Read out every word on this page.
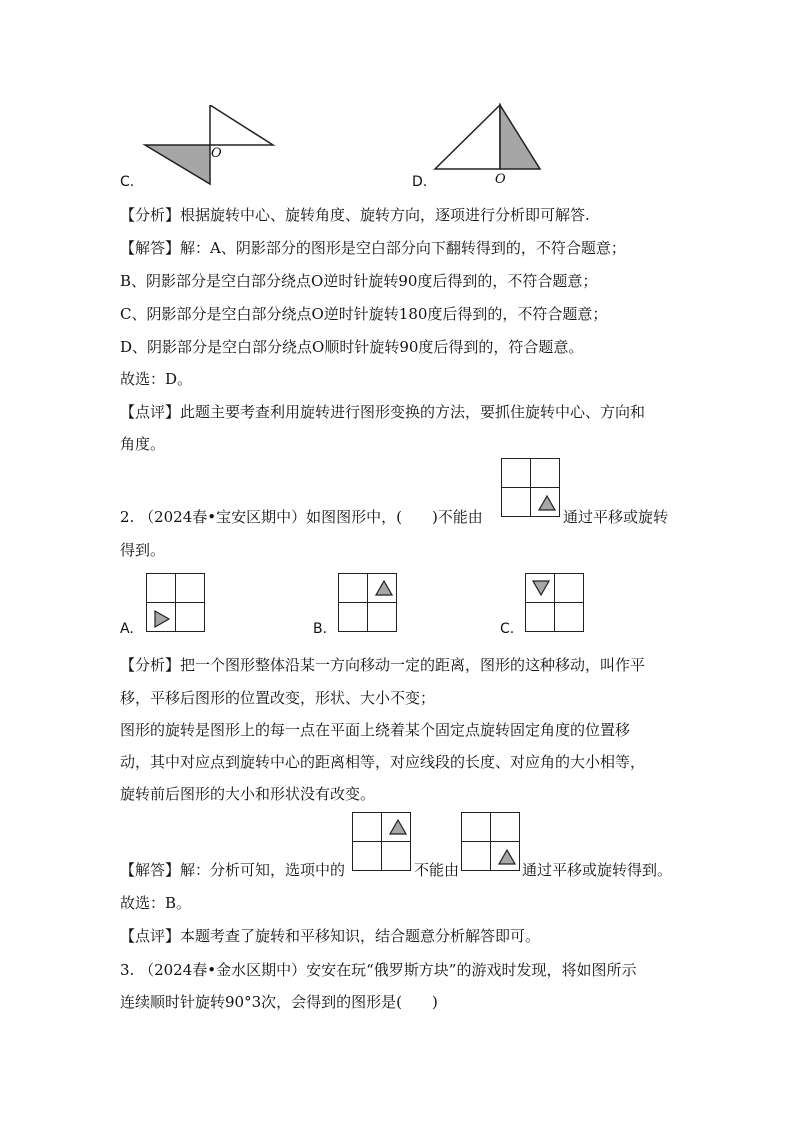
O
C.	O
D.
【分析】根据旋转中心、旋转角度、旋转方向，逐项进行分析即可解答.
【解答】解：A、阴影部分的图形是空白部分向下翻转得到的，不符合题意；
B、阴影部分是空白部分绕点O逆时针旋转90度后得到的，不符合题意；
C、阴影部分是空白部分绕点O逆时针旋转180度后得到的，不符合题意；
D、阴影部分是空白部分绕点O顺时针旋转90度后得到的，符合题意。
故选：D。
【点评】此题主要考查利用旋转进行图形变换的方法，要抓住旋转中心、方向和
角度。
2. （2024春•宝安区期中）如图图形中，(　　)不能由	通过平移或旋转
得到。
A.	B.	C.
【分析】把一个图形整体沿某一方向移动一定的距离，图形的这种移动，叫作平
移，平移后图形的位置改变，形状、大小不变；
图形的旋转是图形上的每一点在平面上绕着某个固定点旋转固定角度的位置移
动，其中对应点到旋转中心的距离相等，对应线段的长度、对应角的大小相等，
旋转前后图形的大小和形状没有改变。
【解答】解：分析可知，选项中的	不能由	通过平移或旋转得到。
故选：B。
【点评】本题考查了旋转和平移知识，结合题意分析解答即可。
3. （2024春•金水区期中）安安在玩“俄罗斯方块”的游戏时发现，将如图所示
连续顺时针旋转90°3次，会得到的图形是(　　)
